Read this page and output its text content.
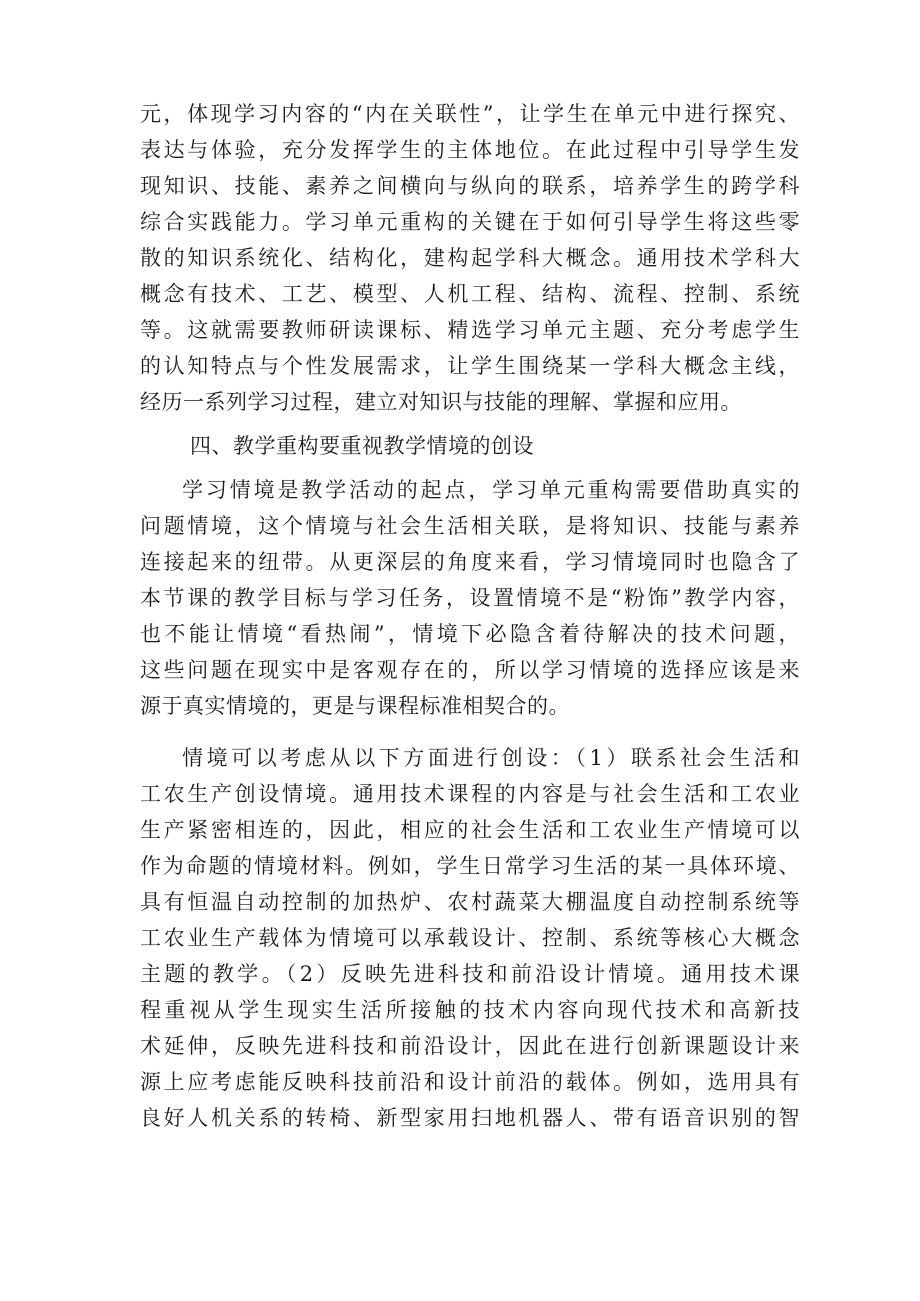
元，体现学习内容的“内在关联性”，让学生在单元中进行探究、
表达与体验，充分发挥学生的主体地位。在此过程中引导学生发
现知识、技能、素养之间横向与纵向的联系，培养学生的跨学科
综合实践能力。学习单元重构的关键在于如何引导学生将这些零
散的知识系统化、结构化，建构起学科大概念。通用技术学科大
概念有技术、工艺、模型、人机工程、结构、流程、控制、系统
等。这就需要教师研读课标、精选学习单元主题、充分考虑学生
的认知特点与个性发展需求，让学生围绕某一学科大概念主线，
经历一系列学习过程，建立对知识与技能的理解、掌握和应用。
四、教学重构要重视教学情境的创设
学习情境是教学活动的起点，学习单元重构需要借助真实的
问题情境，这个情境与社会生活相关联，是将知识、技能与素养
连接起来的纽带。从更深层的角度来看，学习情境同时也隐含了
本节课的教学目标与学习任务，设置情境不是“粉饰”教学内容，
也不能让情境“看热闹”，情境下必隐含着待解决的技术问题，
这些问题在现实中是客观存在的，所以学习情境的选择应该是来
源于真实情境的，更是与课程标准相契合的。
情境可以考虑从以下方面进行创设：（1）联系社会生活和
工农生产创设情境。通用技术课程的内容是与社会生活和工农业
生产紧密相连的，因此，相应的社会生活和工农业生产情境可以
作为命题的情境材料。例如，学生日常学习生活的某一具体环境、
具有恒温自动控制的加热炉、农村蔬菜大棚温度自动控制系统等
工农业生产载体为情境可以承载设计、控制、系统等核心大概念
主题的教学。（2）反映先进科技和前沿设计情境。通用技术课
程重视从学生现实生活所接触的技术内容向现代技术和高新技
术延伸，反映先进科技和前沿设计，因此在进行创新课题设计来
源上应考虑能反映科技前沿和设计前沿的载体。例如，选用具有
良好人机关系的转椅、新型家用扫地机器人、带有语音识别的智
